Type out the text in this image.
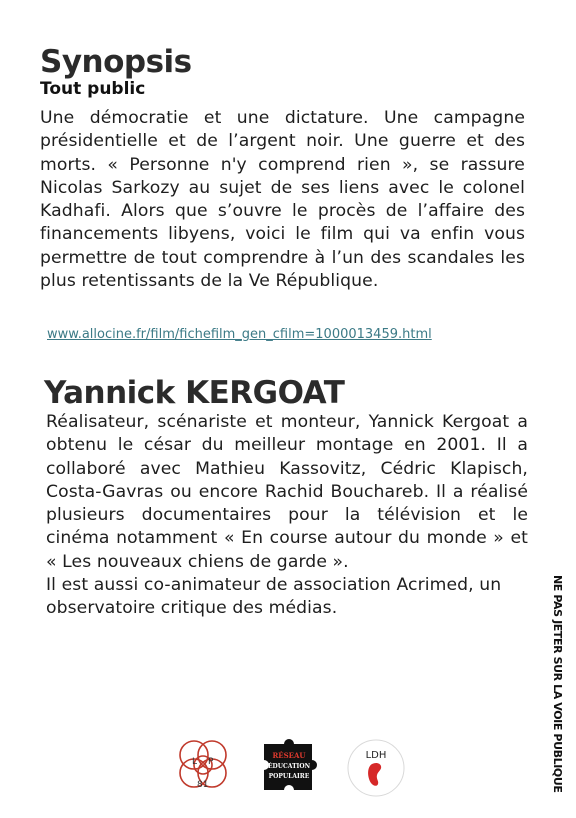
Synopsis
Tout public

Une démocratie et une dictature. Une campagne présidentielle et de l’argent noir. Une guerre et des morts. « Personne n'y comprend rien », se rassure Nicolas Sarkozy au sujet de ses liens avec le colonel Kadhafi. Alors que s’ouvre le procès de l’affaire des financements libyens, voici le film qui va enfin vous permettre de tout comprendre à l’un des scandales les plus retentissants de la Ve République.

www.allocine.fr/film/fichefilm_gen_cfilm=1000013459.html
Yannick KERGOAT

Réalisateur, scénariste et monteur, Yannick Kergoat a obtenu le césar du meilleur montage en 2001. Il a collaboré avec Mathieu Kassovitz, Cédric Klapisch, Costa-Gavras ou encore Rachid Bouchareb. Il a réalisé plusieurs documentaires pour la télévision et le cinéma notamment « En course autour du monde » et « Les nouveaux chiens de garde ».

Il est aussi co-animateur de association Acrimed, un observatoire critique des médias.	NE PAS JETER SUR LA VOIE PUBLIQUE
L P
81
RÉSEAU
ÉDUCATION
POPULAIRE
LDH
